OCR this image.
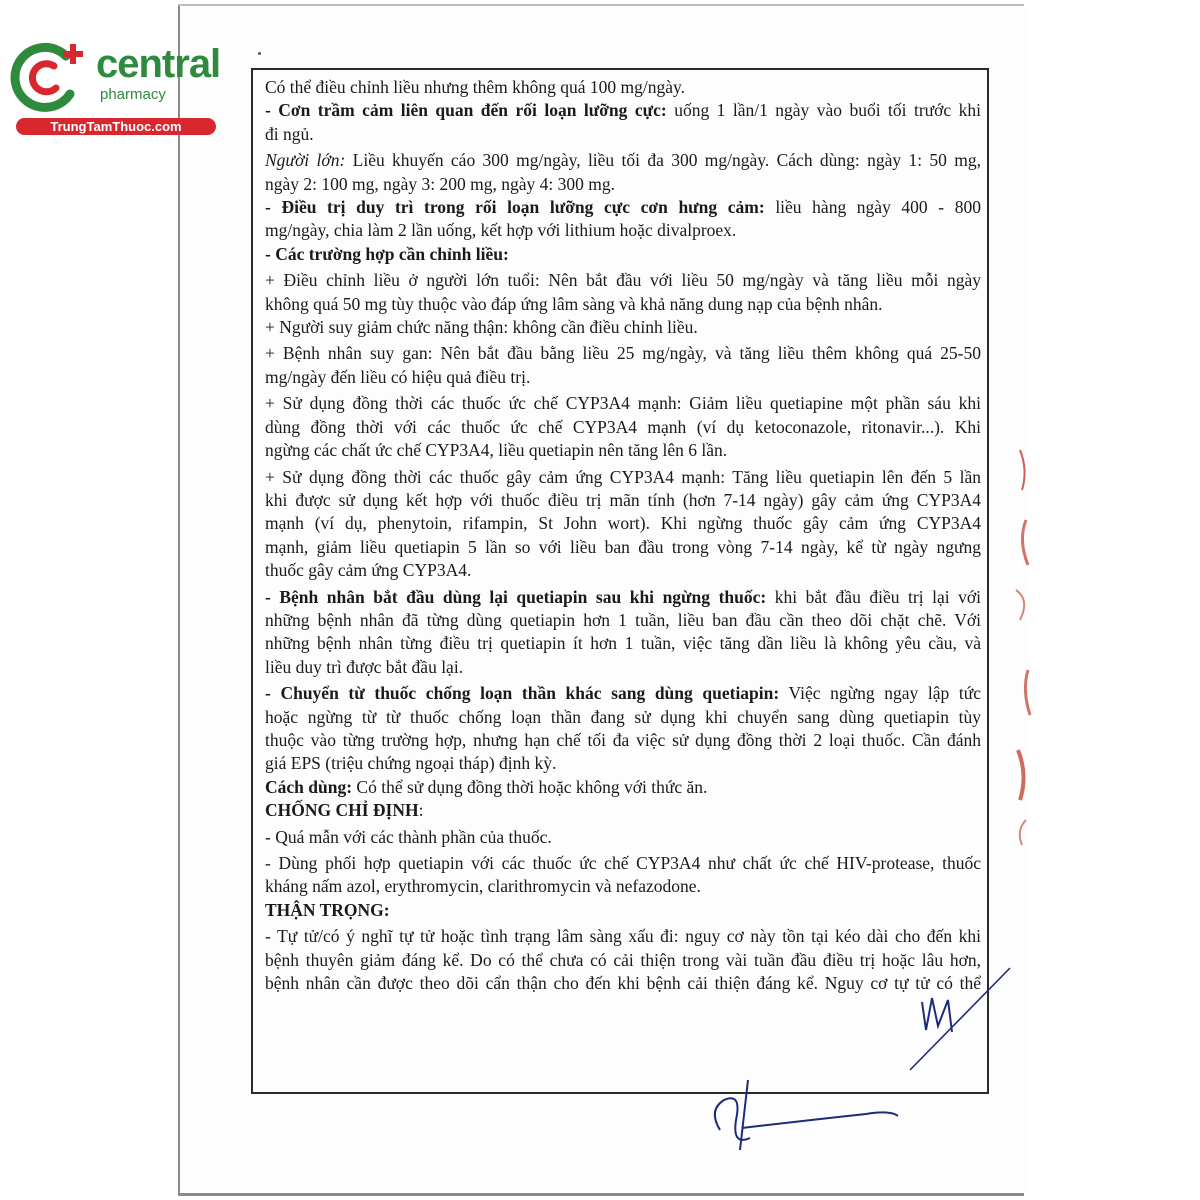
central
pharmacy
TrungTamThuoc.com
Có thể điều chỉnh liều nhưng thêm không quá 100 mg/ngày.
- Cơn trầm cảm liên quan đến rối loạn lưỡng cực: uống 1 lần/1 ngày vào buổi tối trước khi
đi ngủ.
Người lớn: Liều khuyến cáo 300 mg/ngày, liều tối đa 300 mg/ngày. Cách dùng: ngày 1: 50 mg,
ngày 2: 100 mg, ngày 3: 200 mg, ngày 4: 300 mg.
- Điều trị duy trì trong rối loạn lưỡng cực cơn hưng cảm: liều hàng ngày 400 - 800
mg/ngày, chia làm 2 lần uống, kết hợp với lithium hoặc divalproex.
- Các trường hợp cần chỉnh liều:
+ Điều chỉnh liều ở người lớn tuổi: Nên bắt đầu với liều 50 mg/ngày và tăng liều mỗi ngày
không quá 50 mg tùy thuộc vào đáp ứng lâm sàng và khả năng dung nạp của bệnh nhân.
+ Người suy giảm chức năng thận: không cần điều chỉnh liều.
+ Bệnh nhân suy gan: Nên bắt đầu bằng liều 25 mg/ngày, và tăng liều thêm không quá 25-50
mg/ngày đến liều có hiệu quả điều trị.
+ Sử dụng đồng thời các thuốc ức chế CYP3A4 mạnh: Giảm liều quetiapine một phần sáu khi
dùng đồng thời với các thuốc ức chế CYP3A4 mạnh (ví dụ ketoconazole, ritonavir...). Khi
ngừng các chất ức chế CYP3A4, liều quetiapin nên tăng lên 6 lần.
+ Sử dụng đồng thời các thuốc gây cảm ứng CYP3A4 mạnh: Tăng liều quetiapin lên đến 5 lần
khi được sử dụng kết hợp với thuốc điều trị mãn tính (hơn 7-14 ngày) gây cảm ứng CYP3A4
mạnh (ví dụ, phenytoin, rifampin, St John wort). Khi ngừng thuốc gây cảm ứng CYP3A4
mạnh, giảm liều quetiapin 5 lần so với liều ban đầu trong vòng 7-14 ngày, kể từ ngày ngưng
thuốc gây cảm ứng CYP3A4.
- Bệnh nhân bắt đầu dùng lại quetiapin sau khi ngừng thuốc: khi bắt đầu điều trị lại với
những bệnh nhân đã từng dùng quetiapin hơn 1 tuần, liều ban đầu cần theo dõi chặt chẽ. Với
những bệnh nhân từng điều trị quetiapin ít hơn 1 tuần, việc tăng dần liều là không yêu cầu, và
liều duy trì được bắt đầu lại.
- Chuyển từ thuốc chống loạn thần khác sang dùng quetiapin: Việc ngừng ngay lập tức
hoặc ngừng từ từ thuốc chống loạn thần đang sử dụng khi chuyển sang dùng quetiapin tùy
thuộc vào từng trường hợp, nhưng hạn chế tối đa việc sử dụng đồng thời 2 loại thuốc. Cần đánh
giá EPS (triệu chứng ngoại tháp) định kỳ.
Cách dùng: Có thể sử dụng đồng thời hoặc không với thức ăn.
CHỐNG CHỈ ĐỊNH:
- Quá mẫn với các thành phần của thuốc.
- Dùng phối hợp quetiapin với các thuốc ức chế CYP3A4 như chất ức chế HIV-protease, thuốc
kháng nấm azol, erythromycin, clarithromycin và nefazodone.
THẬN TRỌNG:
- Tự tử/có ý nghĩ tự tử hoặc tình trạng lâm sàng xấu đi: nguy cơ này tồn tại kéo dài cho đến khi
bệnh thuyên giảm đáng kể. Do có thể chưa có cải thiện trong vài tuần đầu điều trị hoặc lâu hơn,
bệnh nhân cần được theo dõi cẩn thận cho đến khi bệnh cải thiện đáng kể. Nguy cơ tự tử có thể
